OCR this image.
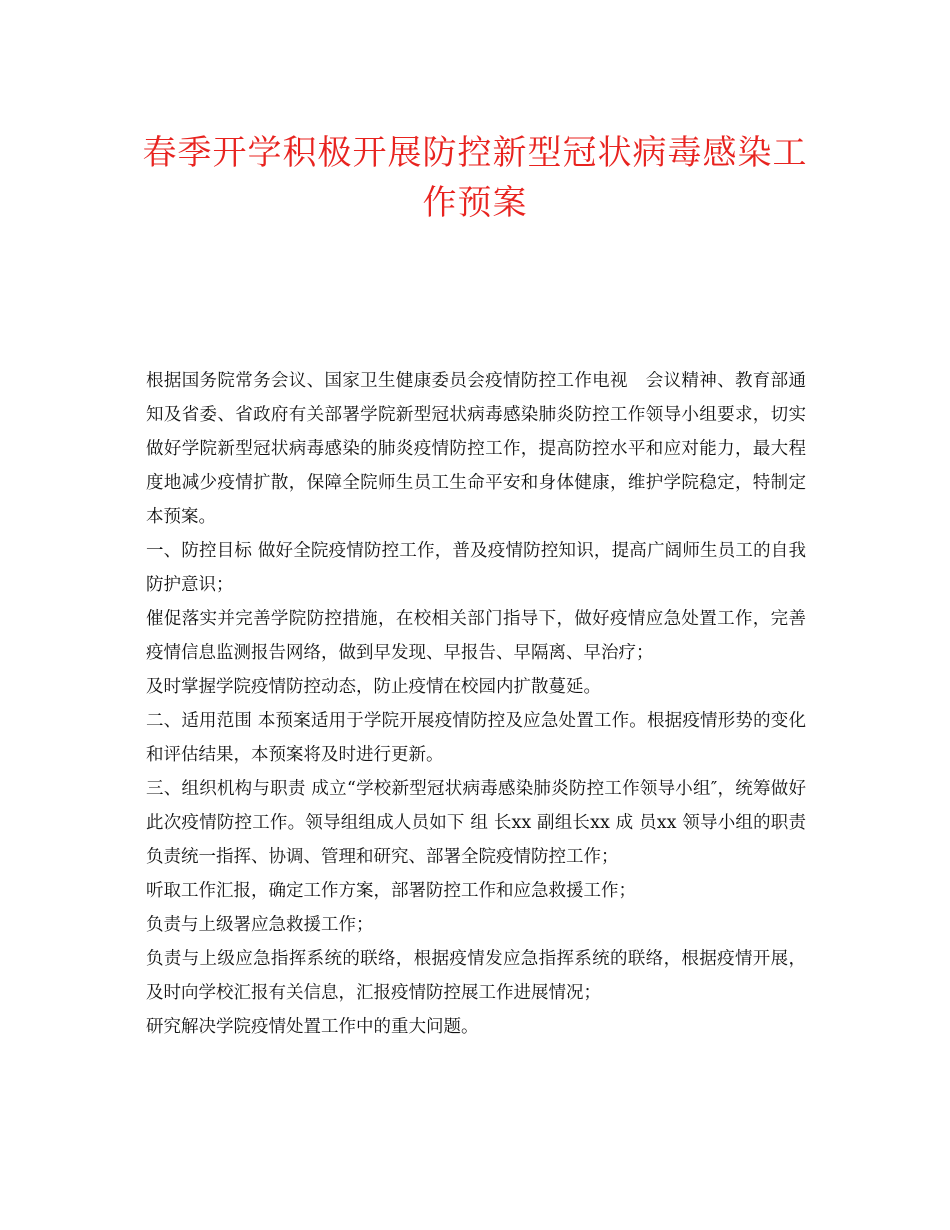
春季开学积极开展防控新型冠状病毒感染工作预案

根据国务院常务会议、国家卫生健康委员会疫情防控工作电视　会议精神、教育部通知及省委、省政府有关部署学院新型冠状病毒感染肺炎防控工作领导小组要求，切实做好学院新型冠状病毒感染的肺炎疫情防控工作，提高防控水平和应对能力，最大程度地减少疫情扩散，保障全院师生员工生命平安和身体健康，维护学院稳定，特制定本预案。

一、防控目标 做好全院疫情防控工作，普及疫情防控知识，提高广阔师生员工的自我防护意识；

催促落实并完善学院防控措施，在校相关部门指导下，做好疫情应急处置工作，完善疫情信息监测报告网络，做到早发现、早报告、早隔离、早治疗；

及时掌握学院疫情防控动态，防止疫情在校园内扩散蔓延。

二、适用范围 本预案适用于学院开展疫情防控及应急处置工作。根据疫情形势的变化和评估结果，本预案将及时进行更新。

三、组织机构与职责 成立“学校新型冠状病毒感染肺炎防控工作领导小组″，统筹做好此次疫情防控工作。领导组组成人员如下 组 长xx 副组长xx 成 员xx 领导小组的职责负责统一指挥、协调、管理和研究、部署全院疫情防控工作；

听取工作汇报，确定工作方案，部署防控工作和应急救援工作；

负责与上级署应急救援工作；

负责与上级应急指挥系统的联络，根据疫情发应急指挥系统的联络，根据疫情开展，及时向学校汇报有关信息，汇报疫情防控展工作进展情况；

研究解决学院疫情处置工作中的重大问题。
